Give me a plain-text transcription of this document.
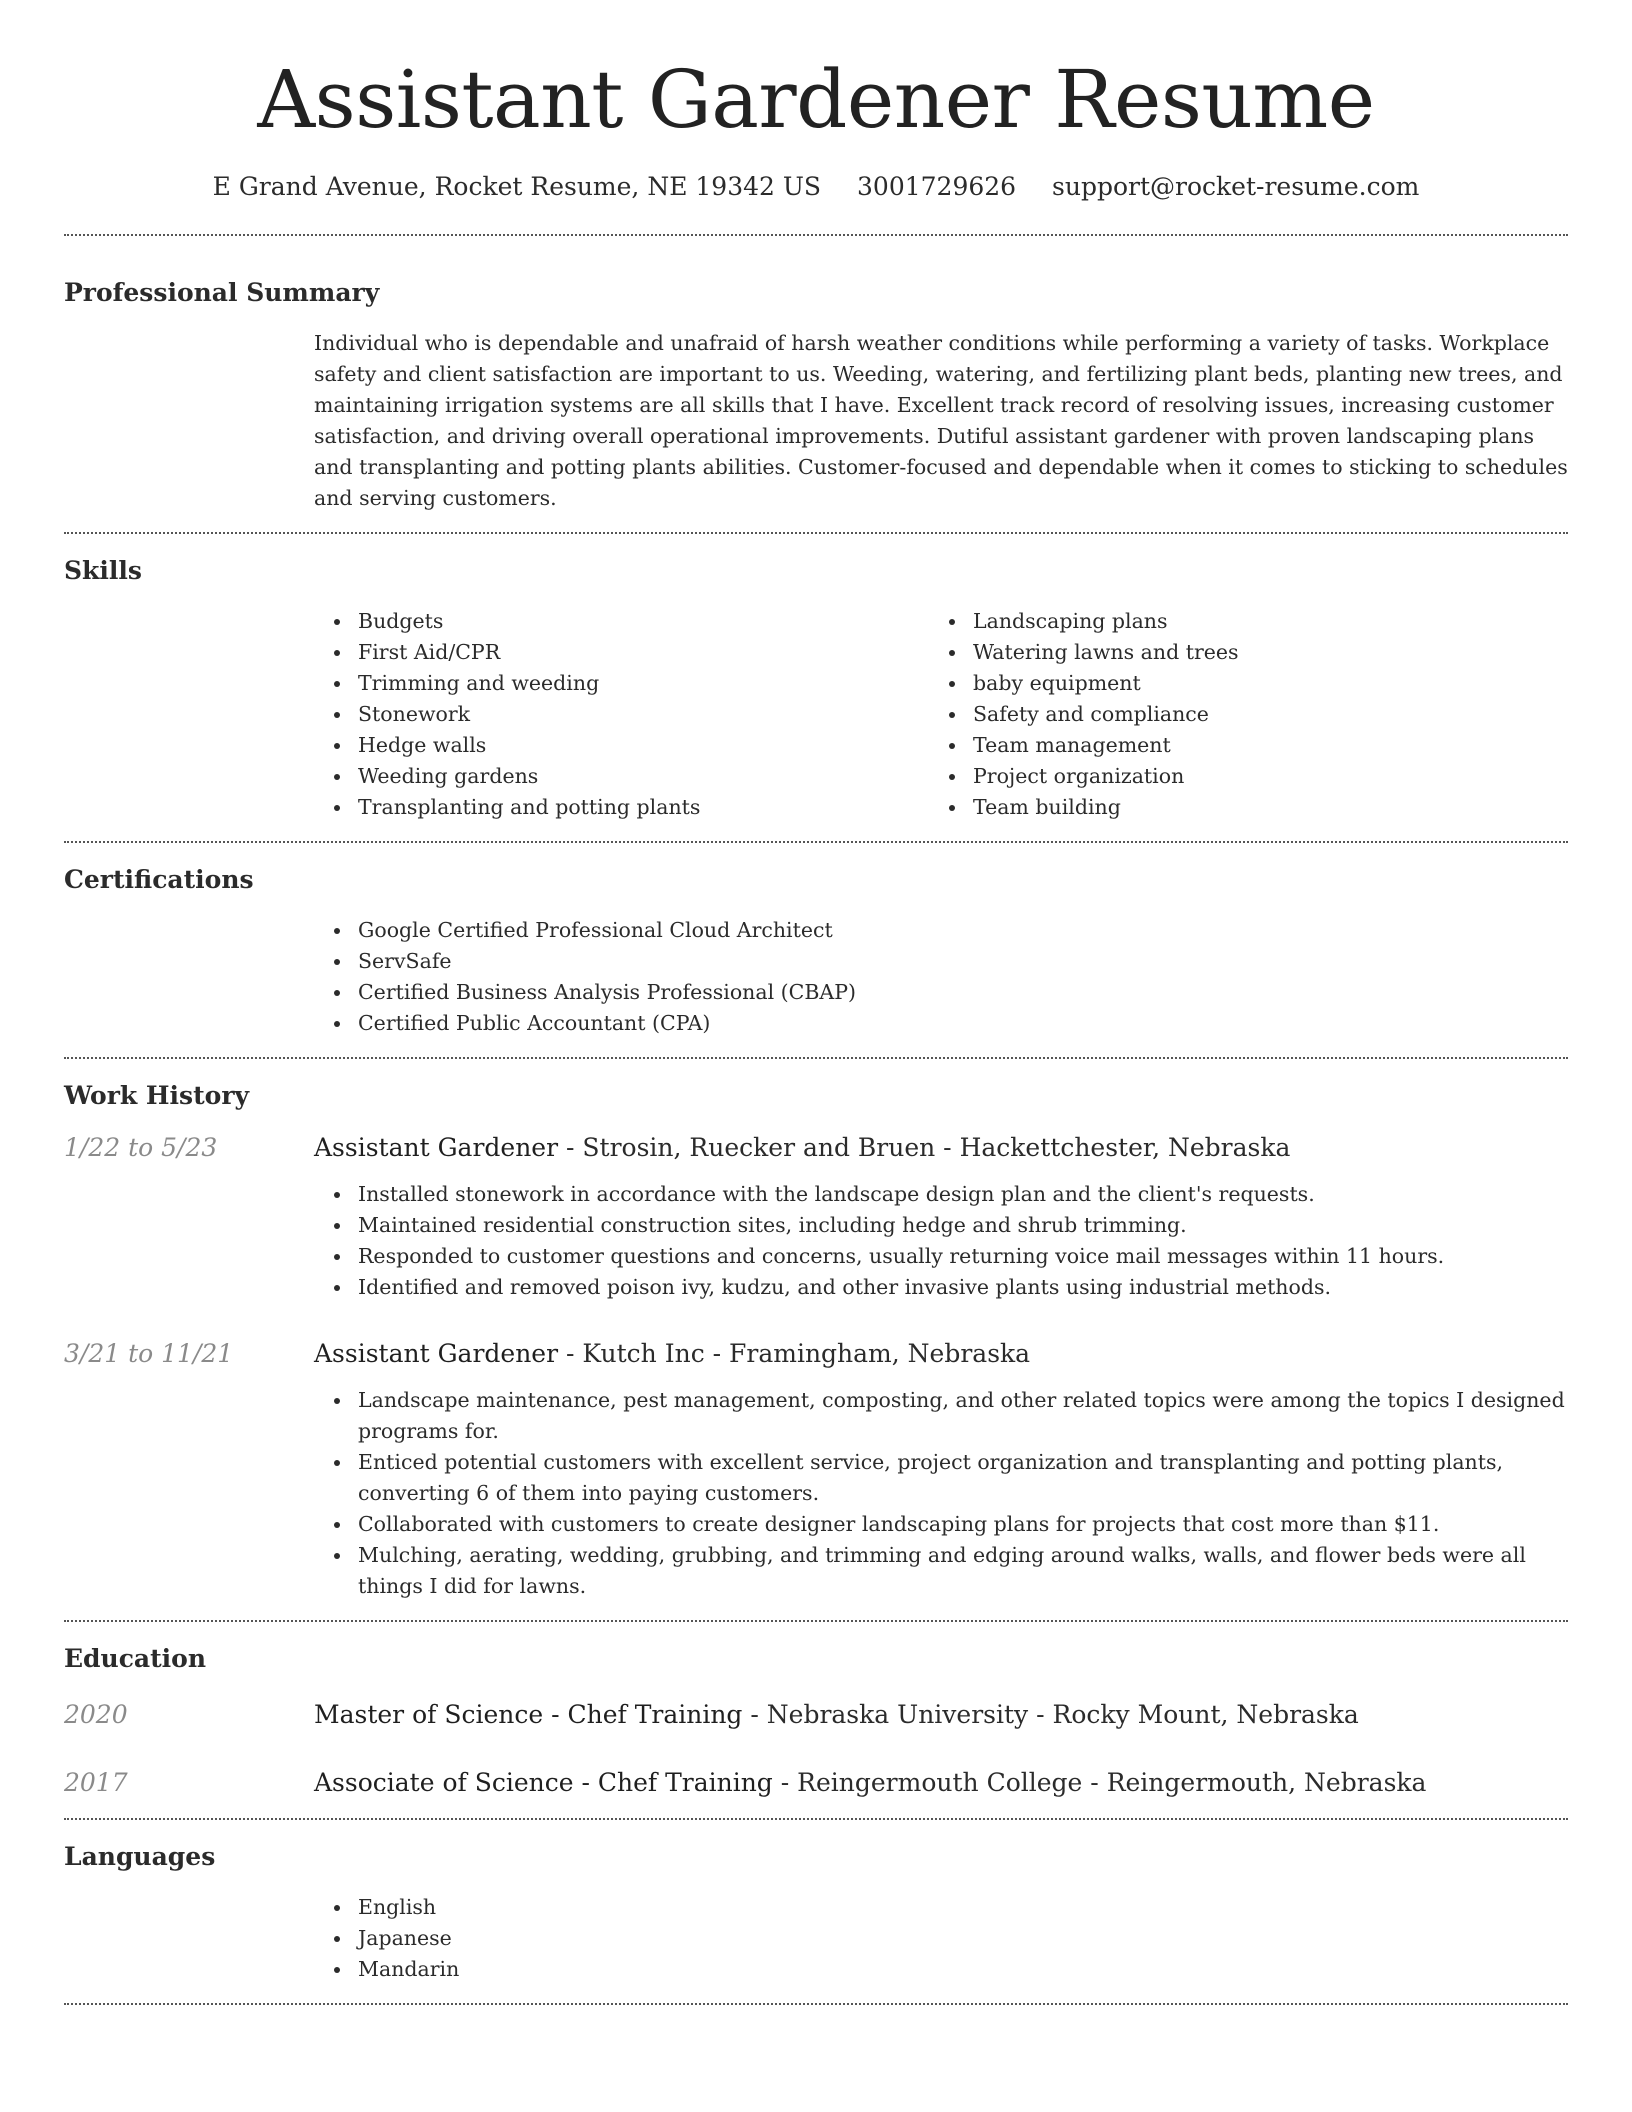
Assistant Gardener Resume
E Grand Avenue, Rocket Resume, NE 19342 US 3001729626 support@rocket-resume.com
Professional Summary

Individual who is dependable and unafraid of harsh weather conditions while performing a variety of tasks. Workplace safety and client satisfaction are important to us. Weeding, watering, and fertilizing plant beds, planting new trees, and maintaining irrigation systems are all skills that I have. Excellent track record of resolving issues, increasing customer satisfaction, and driving overall operational improvements. Dutiful assistant gardener with proven landscaping plans and transplanting and potting plants abilities. Customer-focused and dependable when it comes to sticking to schedules and serving customers.

Skills
Budgets
First Aid/CPR
Trimming and weeding
Stonework
Hedge walls
Weeding gardens
Transplanting and potting plants
Landscaping plans
Watering lawns and trees
baby equipment
Safety and compliance
Team management
Project organization
Team building
Certifications
Google Certified Professional Cloud Architect
ServSafe
Certified Business Analysis Professional (CBAP)
Certified Public Accountant (CPA)
Work History
1/22 to 5/23	Assistant Gardener - Strosin, Ruecker and Bruen - Hackettchester, Nebraska
Installed stonework in accordance with the landscape design plan and the client's requests.
Maintained residential construction sites, including hedge and shrub trimming.
Responded to customer questions and concerns, usually returning voice mail messages within 11 hours.
Identified and removed poison ivy, kudzu, and other invasive plants using industrial methods.
3/21 to 11/21	Assistant Gardener - Kutch Inc - Framingham, Nebraska
Landscape maintenance, pest management, composting, and other related topics were among the topics I designed programs for.
Enticed potential customers with excellent service, project organization and transplanting and potting plants, converting 6 of them into paying customers.
Collaborated with customers to create designer landscaping plans for projects that cost more than $11.
Mulching, aerating, wedding, grubbing, and trimming and edging around walks, walls, and flower beds were all things I did for lawns.
Education
2020	Master of Science - Chef Training - Nebraska University - Rocky Mount, Nebraska
2017	Associate of Science - Chef Training - Reingermouth College - Reingermouth, Nebraska
Languages
English
Japanese
Mandarin
